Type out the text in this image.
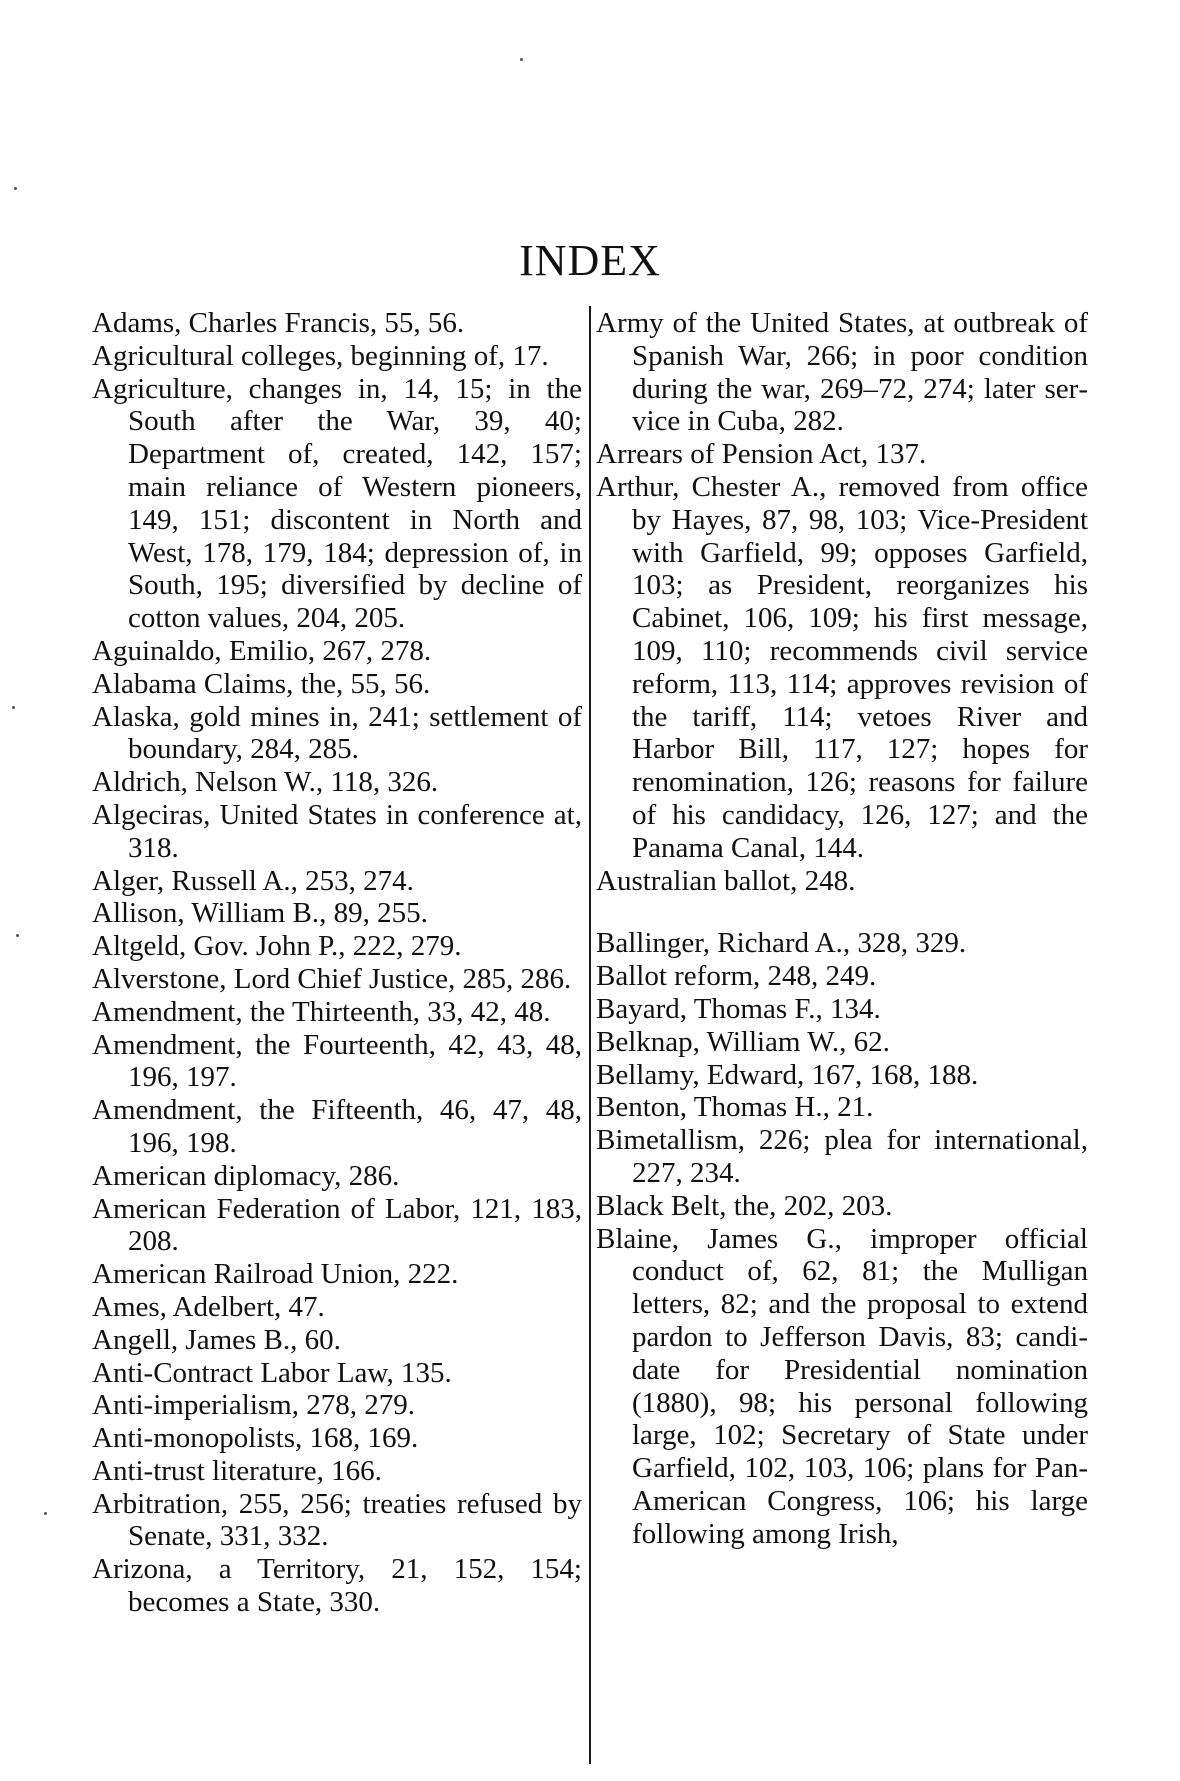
INDEX

Adams, Charles Francis, 55, 56.

Agricultural colleges, beginning of, 17.

Agriculture, changes in, 14, 15; in the South after the War, 39, 40; Department of, created, 142, 157; main reliance of Western pioneers, 149, 151; discontent in North and West, 178, 179, 184; depression of, in South, 195; diversified by decline of cotton values, 204, 205.

Aguinaldo, Emilio, 267, 278.

Alabama Claims, the, 55, 56.

Alaska, gold mines in, 241; settlement of boundary, 284, 285.

Aldrich, Nelson W., 118, 326.

Algeciras, United States in conference at, 318.

Alger, Russell A., 253, 274.

Allison, William B., 89, 255.

Altgeld, Gov. John P., 222, 279.

Alverstone, Lord Chief Justice, 285, 286.

Amendment, the Thirteenth, 33, 42, 48.

Amendment, the Fourteenth, 42, 43, 48, 196, 197.

Amendment, the Fifteenth, 46, 47, 48, 196, 198.

American diplomacy, 286.

American Federation of Labor, 121, 183, 208.

American Railroad Union, 222.

Ames, Adelbert, 47.

Angell, James B., 60.

Anti-Contract Labor Law, 135.

Anti-imperialism, 278, 279.

Anti-monopolists, 168, 169.

Anti-trust literature, 166.

Arbitration, 255, 256; treaties refused by Senate, 331, 332.

Arizona, a Territory, 21, 152, 154; becomes a State, 330.

Army of the United States, at outbreak of Spanish War, 266; in poor condition during the war, 269–72, 274; later service in Cuba, 282.

Arrears of Pension Act, 137.

Arthur, Chester A., removed from office by Hayes, 87, 98, 103; Vice-President with Garfield, 99; opposes Garfield, 103; as President, reorganizes his Cabinet, 106, 109; his first message, 109, 110; recommends civil service reform, 113, 114; approves revision of the tariff, 114; vetoes River and Harbor Bill, 117, 127; hopes for renomination, 126; reasons for failure of his candidacy, 126, 127; and the Panama Canal, 144.

Australian ballot, 248.

Ballinger, Richard A., 328, 329.

Ballot reform, 248, 249.

Bayard, Thomas F., 134.

Belknap, William W., 62.

Bellamy, Edward, 167, 168, 188.

Benton, Thomas H., 21.

Bimetallism, 226; plea for international, 227, 234.

Black Belt, the, 202, 203.

Blaine, James G., improper official conduct of, 62, 81; the Mulligan letters, 82; and the proposal to extend pardon to Jefferson Davis, 83; candidate for Presidential nomination (1880), 98; his personal following large, 102; Secretary of State under Garfield, 102, 103, 106; plans for Pan-American Congress, 106; his large following among Irish,
